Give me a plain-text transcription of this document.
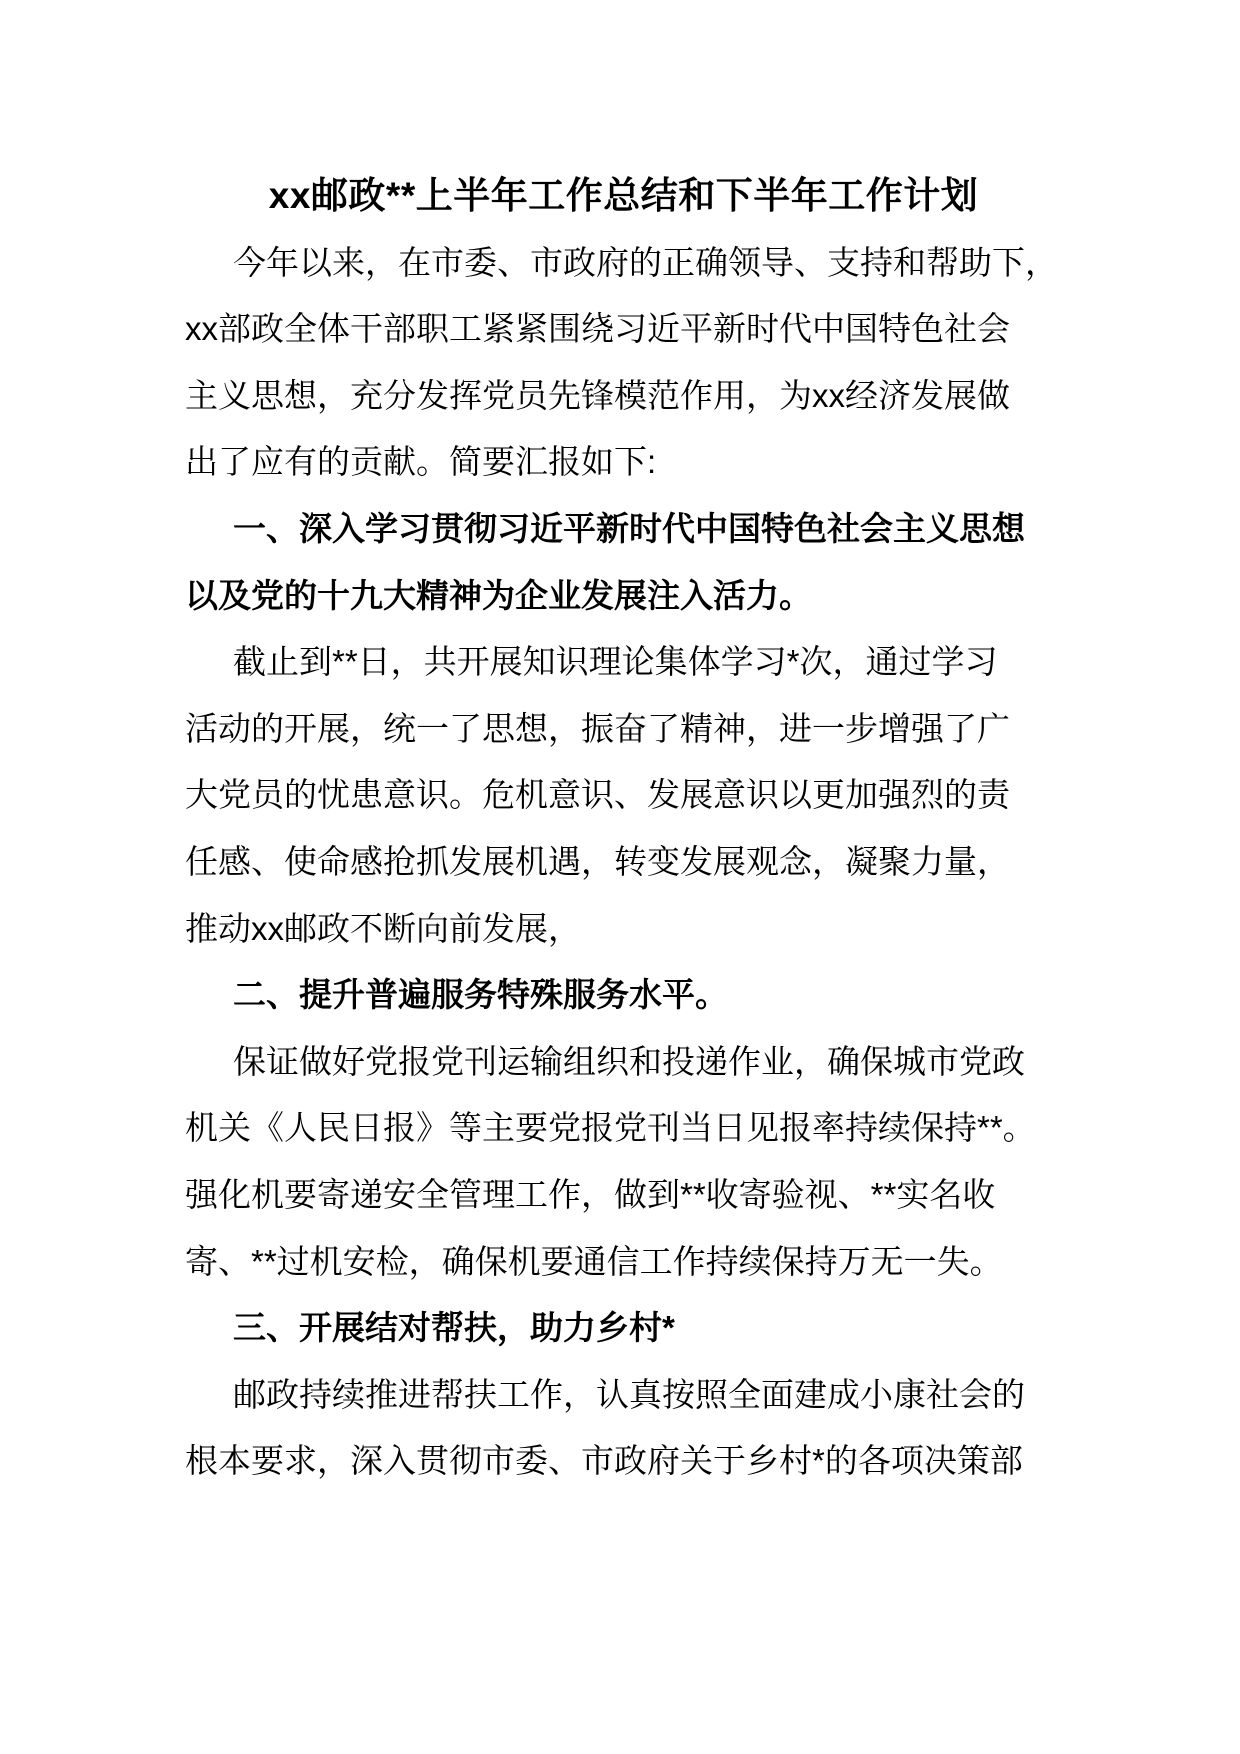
xx邮政**上半年工作总结和下半年工作计划
今年以来，在市委、市政府的正确领导、支持和帮助下，
xx部政全体干部职工紧紧围绕习近平新时代中国特色社会
主义思想，充分发挥党员先锋模范作用，为xx经济发展做
出了应有的贡献。简要汇报如下:
一、深入学习贯彻习近平新时代中国特色社会主义思想
以及党的十九大精神为企业发展注入活力。
截止到**日，共开展知识理论集体学习*次，通过学习
活动的开展，统一了思想，振奋了精神，进一步增强了广
大党员的忧患意识。危机意识、发展意识以更加强烈的责
任感、使命感抢抓发展机遇，转变发展观念，凝聚力量，
推动xx邮政不断向前发展，
二、提升普遍服务特殊服务水平。
保证做好党报党刊运输组织和投递作业，确保城市党政
机关《人民日报》等主要党报党刊当日见报率持续保持**。
强化机要寄递安全管理工作，做到**收寄验视、**实名收
寄、**过机安检，确保机要通信工作持续保持万无一失。
三、开展结对帮扶，助力乡村*
邮政持续推进帮扶工作，认真按照全面建成小康社会的
根本要求，深入贯彻市委、市政府关于乡村*的各项决策部
